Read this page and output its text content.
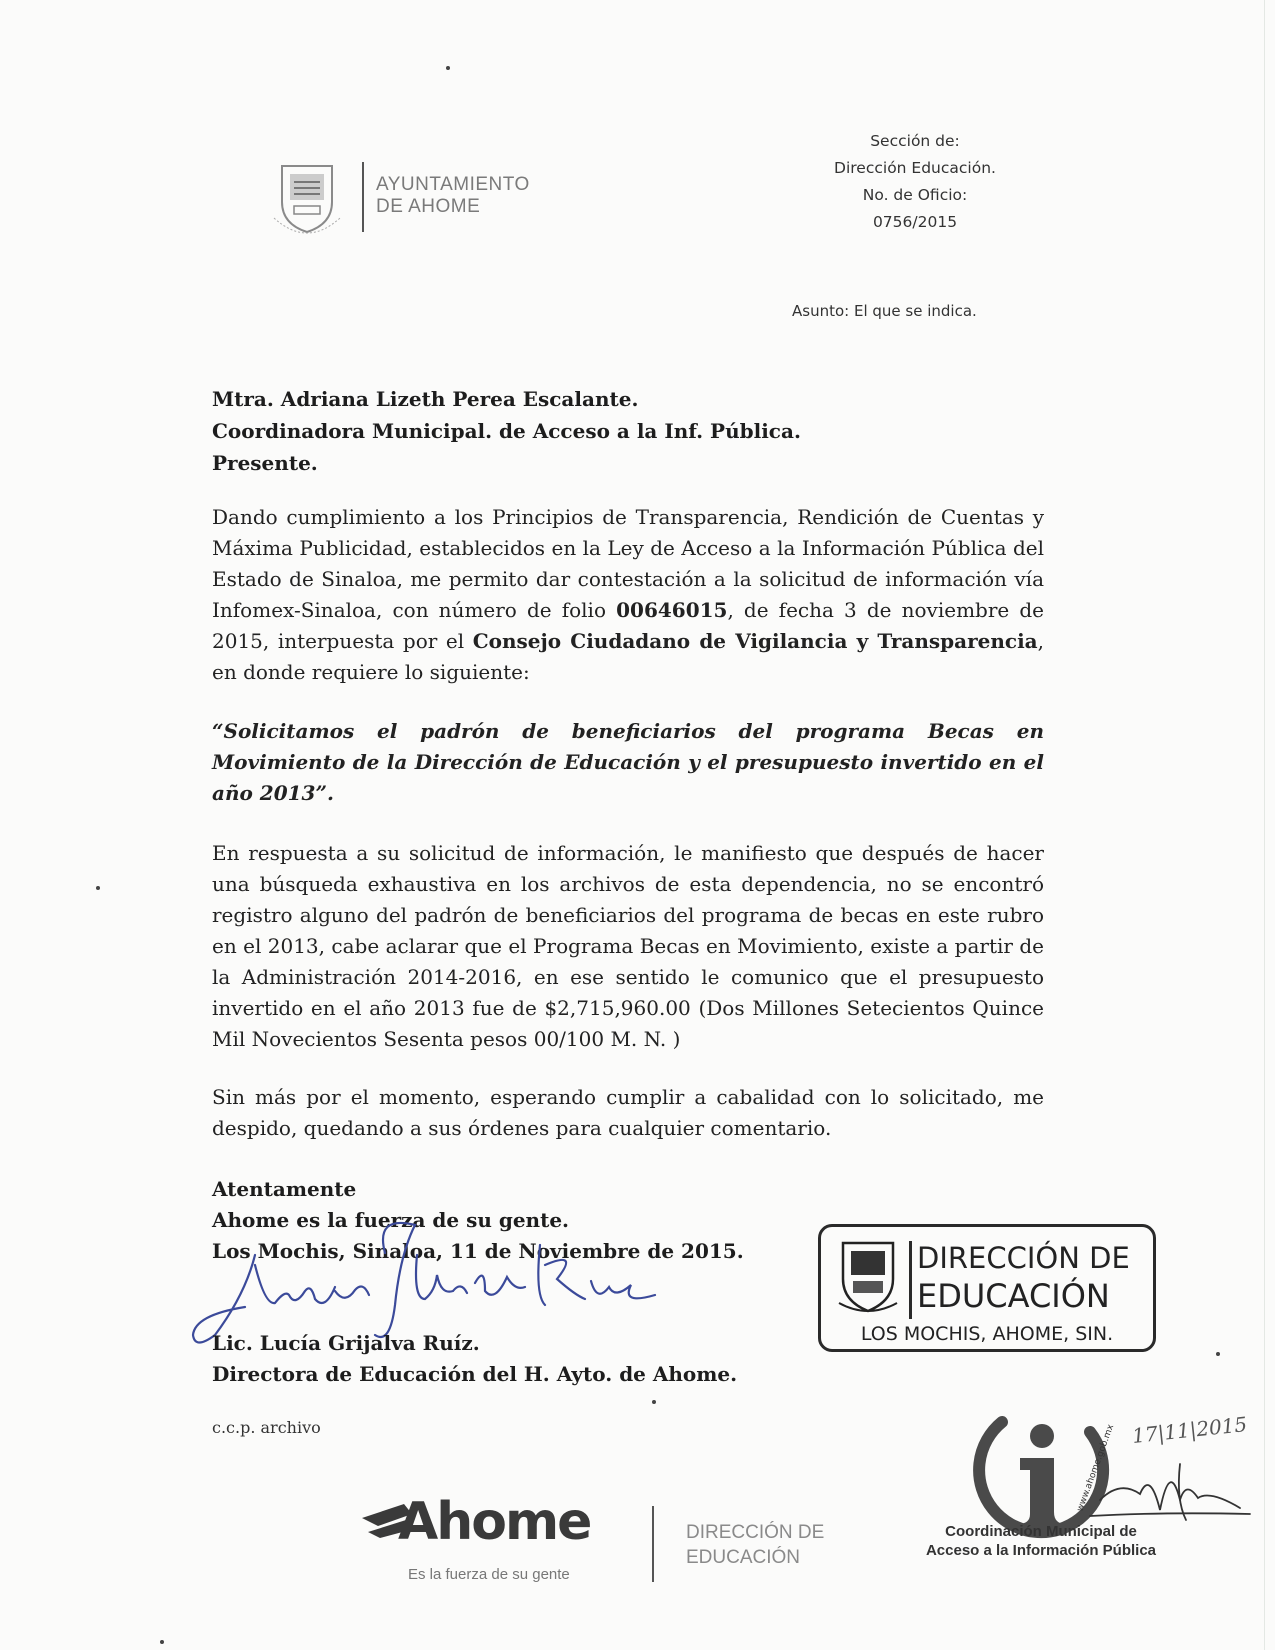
AYUNTAMIENTO
DE AHOME
Sección de:
Dirección Educación.
No. de Oficio:
0756/2015
Asunto: El que se indica.
Mtra. Adriana Lizeth Perea Escalante.
Coordinadora Municipal. de Acceso a la Inf. Pública.
Presente.
Dando cumplimiento a los Principios de Transparencia, Rendición de Cuentas y Máxima Publicidad, establecidos en la Ley de Acceso a la Información Pública del Estado de Sinaloa, me permito dar contestación a la solicitud de información vía Infomex-Sinaloa, con número de folio 00646015, de fecha 3 de noviembre de 2015, interpuesta por el Consejo Ciudadano de Vigilancia y Transparencia, en donde requiere lo siguiente:
“Solicitamos el padrón de beneficiarios del programa Becas en Movimiento de la Dirección de Educación y el presupuesto invertido en el año 2013”.
En respuesta a su solicitud de información, le manifiesto que después de hacer una búsqueda exhaustiva en los archivos de esta dependencia, no se encontró registro alguno del padrón de beneficiarios del programa de becas en este rubro en el 2013, cabe aclarar que el Programa Becas en Movimiento, existe a partir de la Administración 2014-2016, en ese sentido le comunico que el presupuesto invertido en el año 2013 fue de $2,715,960.00 (Dos Millones Setecientos Quince Mil Novecientos Sesenta pesos 00/100 M. N. )
Sin más por el momento, esperando cumplir a cabalidad con lo solicitado, me despido, quedando a sus órdenes para cualquier comentario.
Atentamente
Ahome es la fuerza de su gente.
Los Mochis, Sinaloa, 11 de Noviembre de 2015.
Lic. Lucía Grijalva Ruíz.
Directora de Educación del H. Ayto. de Ahome.
c.c.p. archivo
DIRECCIÓN DE
EDUCACIÓN
LOS MOCHIS, AHOME, SIN.
www.ahome.gob.mx 17|11|2015
Coordinación Municipal de
Acceso a la Información Pública
Ahome
Es la fuerza de su gente
DIRECCIÓN DE
EDUCACIÓN
